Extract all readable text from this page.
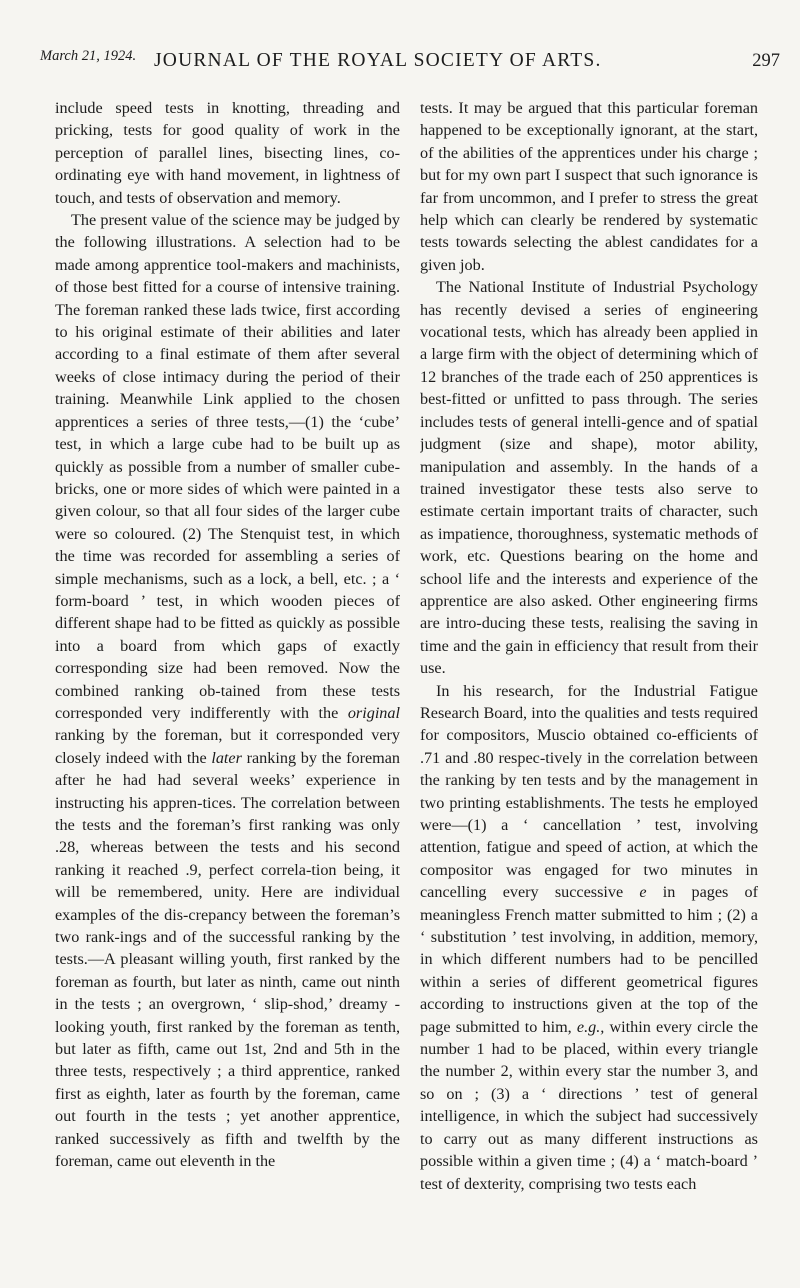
March 21, 1924. JOURNAL OF THE ROYAL SOCIETY OF ARTS.	297

include speed tests in knotting, threading and pricking, tests for good quality of work in the perception of parallel lines, bisecting lines, co-ordinating eye with hand movement, in lightness of touch, and tests of observation and memory.

The present value of the science may be judged by the following illustrations. A selection had to be made among apprentice tool-makers and machinists, of those best fitted for a course of intensive training. The foreman ranked these lads twice, first according to his original estimate of their abilities and later according to a final estimate of them after several weeks of close intimacy during the period of their training. Meanwhile Link applied to the chosen apprentices a series of three tests,—(1) the ‘cube’ test, in which a large cube had to be built up as quickly as possible from a number of smaller cube-bricks, one or more sides of which were painted in a given colour, so that all four sides of the larger cube were so coloured. (2) The Stenquist test, in which the time was recorded for assembling a series of simple mechanisms, such as a lock, a bell, etc. ; a ‘ form-board ’ test, in which wooden pieces of different shape had to be fitted as quickly as possible into a board from which gaps of exactly corresponding size had been removed. Now the combined ranking ob-tained from these tests corresponded very indifferently with the original ranking by the foreman, but it corresponded very closely indeed with the later ranking by the foreman after he had had several weeks’ experience in instructing his appren-tices. The correlation between the tests and the foreman’s first ranking was only .28, whereas between the tests and his second ranking it reached .9, perfect correla-tion being, it will be remembered, unity. Here are individual examples of the dis-crepancy between the foreman’s two rank-ings and of the successful ranking by the tests.—A pleasant willing youth, first ranked by the foreman as fourth, but later as ninth, came out ninth in the tests ; an overgrown, ‘ slip-shod,’ dreamy - looking youth, first ranked by the foreman as tenth, but later as fifth, came out 1st, 2nd and 5th in the three tests, respectively ; a third apprentice, ranked first as eighth, later as fourth by the foreman, came out fourth in the tests ; yet another apprentice, ranked successively as fifth and twelfth by the foreman, came out eleventh in the

tests. It may be argued that this particular foreman happened to be exceptionally ignorant, at the start, of the abilities of the apprentices under his charge ; but for my own part I suspect that such ignorance is far from uncommon, and I prefer to stress the great help which can clearly be rendered by systematic tests towards selecting the ablest candidates for a given job.

The National Institute of Industrial Psychology has recently devised a series of engineering vocational tests, which has already been applied in a large firm with the object of determining which of 12 branches of the trade each of 250 apprentices is best-fitted or unfitted to pass through. The series includes tests of general intelli-gence and of spatial judgment (size and shape), motor ability, manipulation and assembly. In the hands of a trained investigator these tests also serve to estimate certain important traits of character, such as impatience, thoroughness, systematic methods of work, etc. Questions bearing on the home and school life and the interests and experience of the apprentice are also asked. Other engineering firms are intro-ducing these tests, realising the saving in time and the gain in efficiency that result from their use.

In his research, for the Industrial Fatigue Research Board, into the qualities and tests required for compositors, Muscio obtained co-efficients of .71 and .80 respec-tively in the correlation between the ranking by ten tests and by the management in two printing establishments. The tests he employed were—(1) a ‘ cancellation ’ test, involving attention, fatigue and speed of action, at which the compositor was engaged for two minutes in cancelling every successive e in pages of meaningless French matter submitted to him ; (2) a ‘ substitution ’ test involving, in addition, memory, in which different numbers had to be pencilled within a series of different geometrical figures according to instructions given at the top of the page submitted to him, e.g., within every circle the number 1 had to be placed, within every triangle the number 2, within every star the number 3, and so on ; (3) a ‘ directions ’ test of general intelligence, in which the subject had successively to carry out as many different instructions as possible within a given time ; (4) a ‘ match-board ’ test of dexterity, comprising two tests each
